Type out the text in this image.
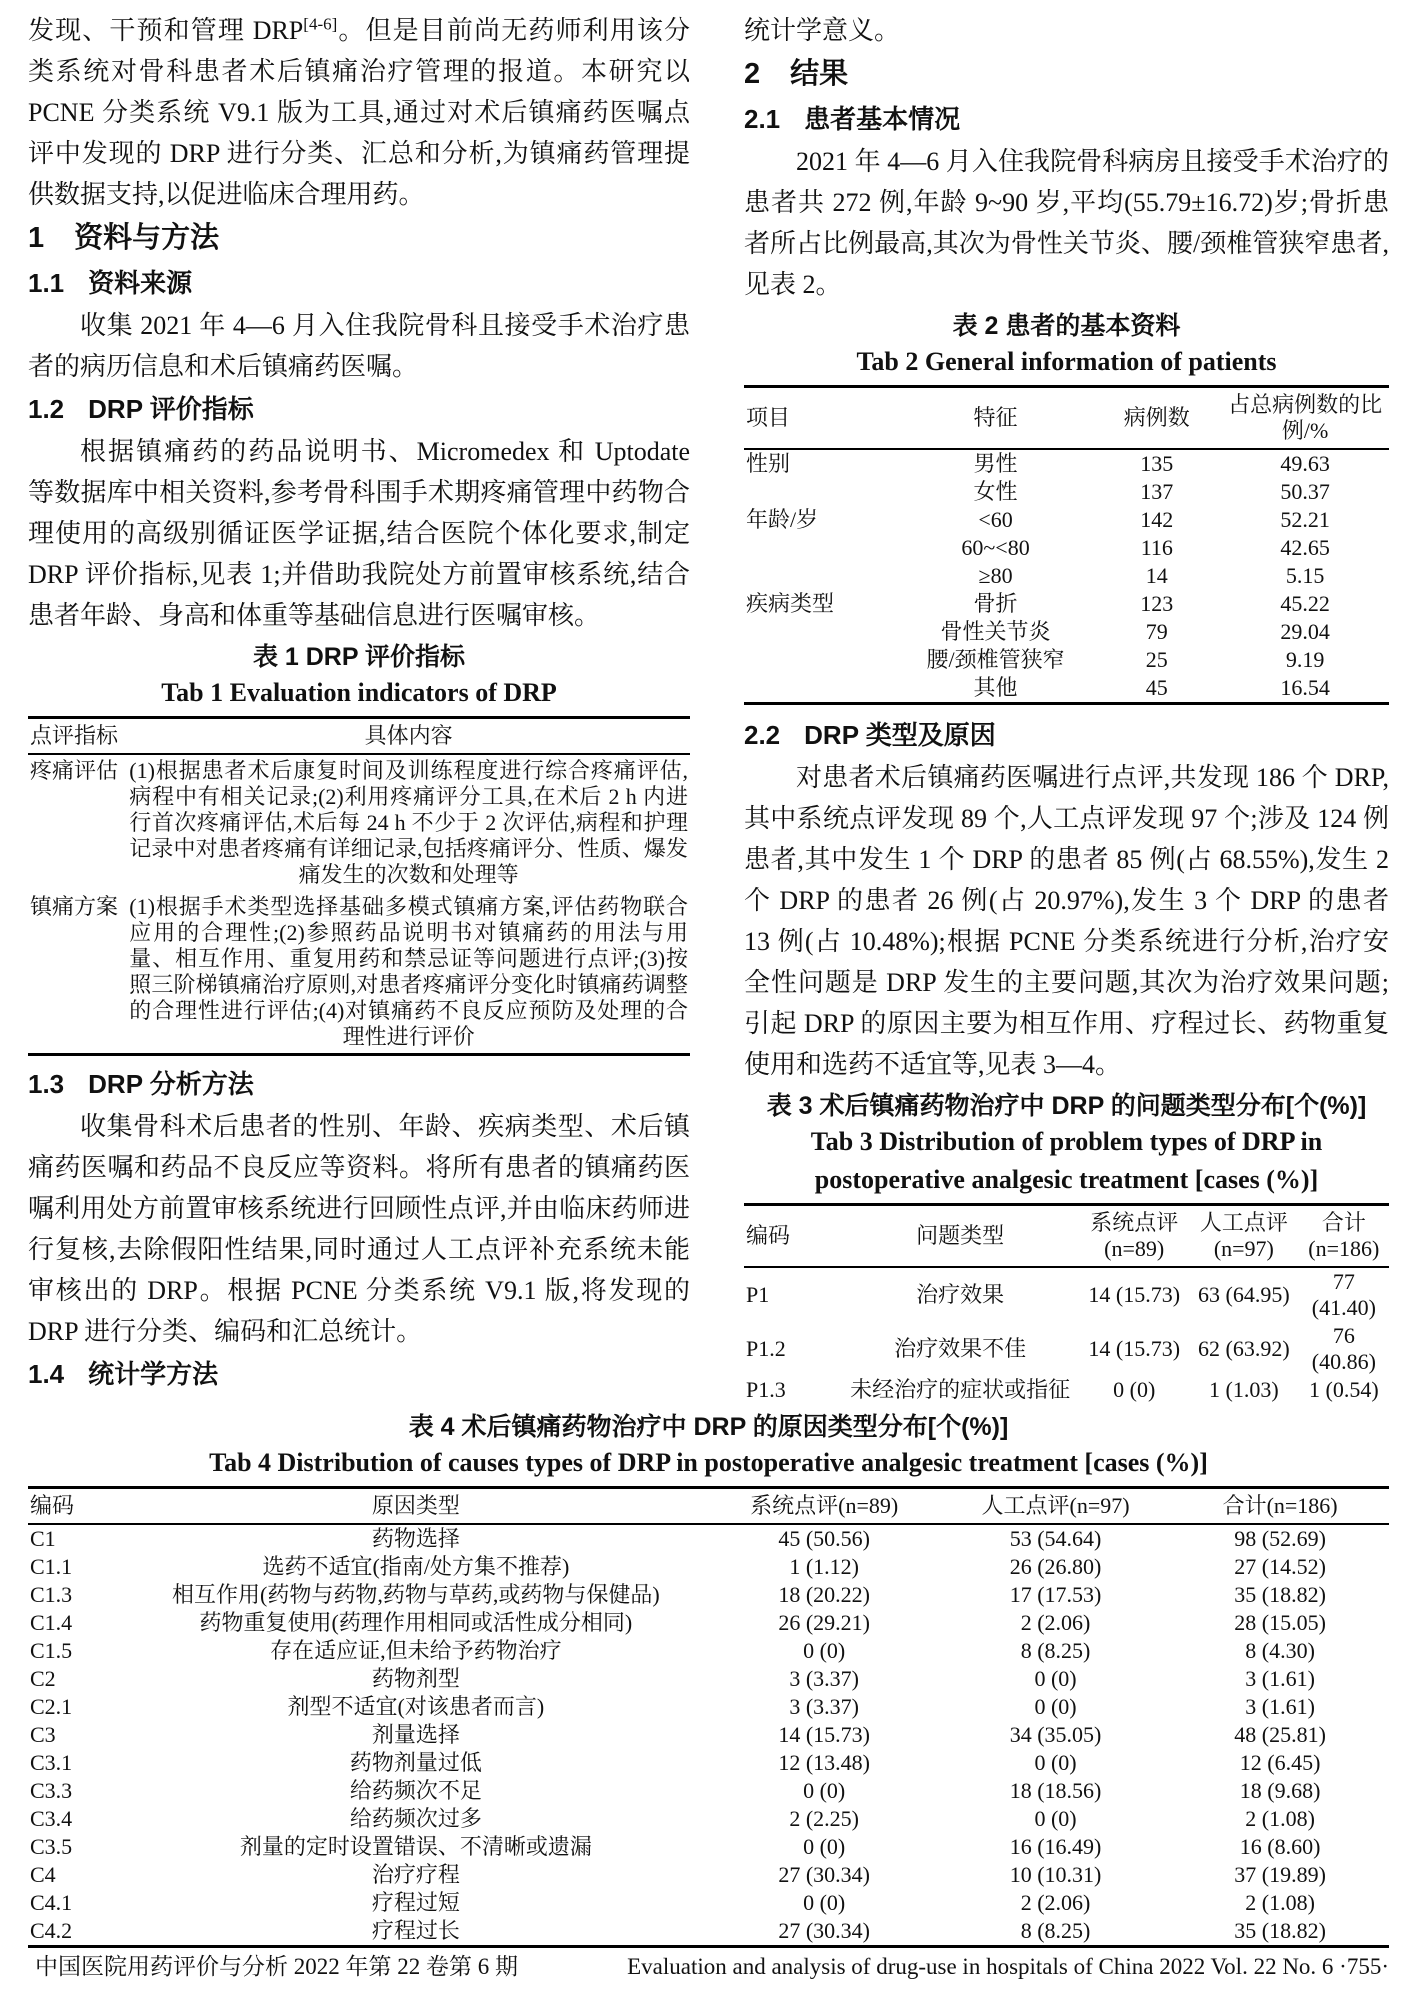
发现、干预和管理 DRP[4-6]。但是目前尚无药师利用该分类系统对骨科患者术后镇痛治疗管理的报道。本研究以 PCNE 分类系统 V9.1 版为工具,通过对术后镇痛药医嘱点评中发现的 DRP 进行分类、汇总和分析,为镇痛药管理提供数据支持,以促进临床合理用药。

1 资料与方法
1.1 资料来源

收集 2021 年 4—6 月入住我院骨科且接受手术治疗患者的病历信息和术后镇痛药医嘱。

1.2 DRP 评价指标

根据镇痛药的药品说明书、Micromedex 和 Uptodate 等数据库中相关资料,参考骨科围手术期疼痛管理中药物合理使用的高级别循证医学证据,结合医院个体化要求,制定 DRP 评价指标,见表 1;并借助我院处方前置审核系统,结合患者年龄、身高和体重等基础信息进行医嘱审核。

表 1 DRP 评价指标
Tab 1 Evaluation indicators of DRP
点评指标	具体内容
疼痛评估	(1)根据患者术后康复时间及训练程度进行综合疼痛评估,病程中有相关记录;(2)利用疼痛评分工具,在术后 2 h 内进行首次疼痛评估,术后每 24 h 不少于 2 次评估,病程和护理记录中对患者疼痛有详细记录,包括疼痛评分、性质、爆发痛发生的次数和处理等
镇痛方案	(1)根据手术类型选择基础多模式镇痛方案,评估药物联合应用的合理性;(2)参照药品说明书对镇痛药的用法与用量、相互作用、重复用药和禁忌证等问题进行点评;(3)按照三阶梯镇痛治疗原则,对患者疼痛评分变化时镇痛药调整的合理性进行评估;(4)对镇痛药不良反应预防及处理的合理性进行评价
1.3 DRP 分析方法

收集骨科术后患者的性别、年龄、疾病类型、术后镇痛药医嘱和药品不良反应等资料。将所有患者的镇痛药医嘱利用处方前置审核系统进行回顾性点评,并由临床药师进行复核,去除假阳性结果,同时通过人工点评补充系统未能审核出的 DRP。根据 PCNE 分类系统 V9.1 版,将发现的 DRP 进行分类、编码和汇总统计。

1.4 统计学方法

统计学意义。

2 结果
2.1 患者基本情况

2021 年 4—6 月入住我院骨科病房且接受手术治疗的患者共 272 例,年龄 9~90 岁,平均(55.79±16.72)岁;骨折患者所占比例最高,其次为骨性关节炎、腰/颈椎管狭窄患者,见表 2。

表 2 患者的基本资料
Tab 2 General information of patients
项目	特征	病例数	占总病例数的比例/%
性别	男性	135	49.63
	女性	137	50.37
年龄/岁	<60	142	52.21
	60~<80	116	42.65
	≥80	14	5.15
疾病类型	骨折	123	45.22
	骨性关节炎	79	29.04
	腰/颈椎管狭窄	25	9.19
	其他	45	16.54
2.2 DRP 类型及原因

对患者术后镇痛药医嘱进行点评,共发现 186 个 DRP,其中系统点评发现 89 个,人工点评发现 97 个;涉及 124 例患者,其中发生 1 个 DRP 的患者 85 例(占 68.55%),发生 2 个 DRP 的患者 26 例(占 20.97%),发生 3 个 DRP 的患者 13 例(占 10.48%);根据 PCNE 分类系统进行分析,治疗安全性问题是 DRP 发生的主要问题,其次为治疗效果问题;引起 DRP 的原因主要为相互作用、疗程过长、药物重复使用和选药不适宜等,见表 3—4。

表 3 术后镇痛药物治疗中 DRP 的问题类型分布[个(%)]
Tab 3 Distribution of problem types of DRP in
postoperative analgesic treatment [cases (%)]
编码	问题类型	系统点评(n=89)	人工点评(n=97)	合计(n=186)
P1	治疗效果	14 (15.73)	63 (64.95)	77 (41.40)
P1.2	治疗效果不佳	14 (15.73)	62 (63.92)	76 (40.86)
P1.3	未经治疗的症状或指征	0 (0)	1 (1.03)	1 (0.54)

表 4 术后镇痛药物治疗中 DRP 的原因类型分布[个(%)]
Tab 4 Distribution of causes types of DRP in postoperative analgesic treatment [cases (%)]
编码	原因类型	系统点评(n=89)	人工点评(n=97)	合计(n=186)
C1	药物选择	45 (50.56)	53 (54.64)	98 (52.69)
C1.1	选药不适宜(指南/处方集不推荐)	1 (1.12)	26 (26.80)	27 (14.52)
C1.3	相互作用(药物与药物,药物与草药,或药物与保健品)	18 (20.22)	17 (17.53)	35 (18.82)
C1.4	药物重复使用(药理作用相同或活性成分相同)	26 (29.21)	2 (2.06)	28 (15.05)
C1.5	存在适应证,但未给予药物治疗	0 (0)	8 (8.25)	8 (4.30)
C2	药物剂型	3 (3.37)	0 (0)	3 (1.61)
C2.1	剂型不适宜(对该患者而言)	3 (3.37)	0 (0)	3 (1.61)
C3	剂量选择	14 (15.73)	34 (35.05)	48 (25.81)
C3.1	药物剂量过低	12 (13.48)	0 (0)	12 (6.45)
C3.3	给药频次不足	0 (0)	18 (18.56)	18 (9.68)
C3.4	给药频次过多	2 (2.25)	0 (0)	2 (1.08)
C3.5	剂量的定时设置错误、不清晰或遗漏	0 (0)	16 (16.49)	16 (8.60)
C4	治疗疗程	27 (30.34)	10 (10.31)	37 (19.89)
C4.1	疗程过短	0 (0)	2 (2.06)	2 (1.08)
C4.2	疗程过长	27 (30.34)	8 (8.25)	35 (18.82)
中国医院用药评价与分析 2022 年第 22 卷第 6 期	Evaluation and analysis of drug-use in hospitals of China 2022 Vol. 22 No. 6 ·755·
